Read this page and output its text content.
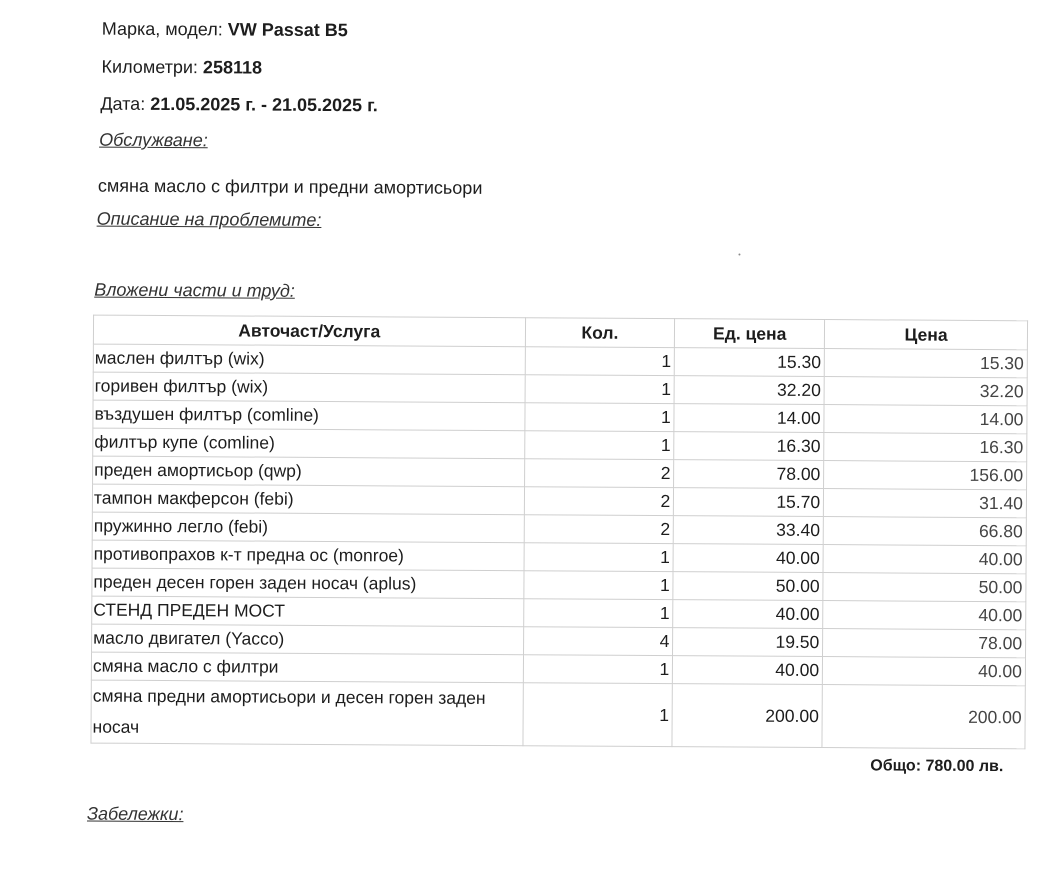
Марка, модел: VW Passat B5
Километри: 258118
Дата: 21.05.2025 г. - 21.05.2025 г.
Обслужване:
смяна масло с филтри и предни амортисьори
Описание на проблемите:
Вложени части и труд:
Авточаст/Услуга	Кол.	Ед. цена	Цена
маслен филтър (wix)	1	15.30	15.30
горивен филтър (wix)	1	32.20	32.20
въздушен филтър (comline)	1	14.00	14.00
филтър купе (comline)	1	16.30	16.30
преден амортисьор (qwp)	2	78.00	156.00
тампон макферсон (febi)	2	15.70	31.40
пружинно легло (febi)	2	33.40	66.80
противопрахов к-т предна ос (monroe)	1	40.00	40.00
преден десен горен заден носач (aplus)	1	50.00	50.00
СТЕНД ПРЕДЕН МОСТ	1	40.00	40.00
масло двигател (Yacco)	4	19.50	78.00
смяна масло с филтри	1	40.00	40.00
смяна предни амортисьори и десен горен заден носач	1	200.00	200.00
Общо: 780.00 лв.
Забележки:
